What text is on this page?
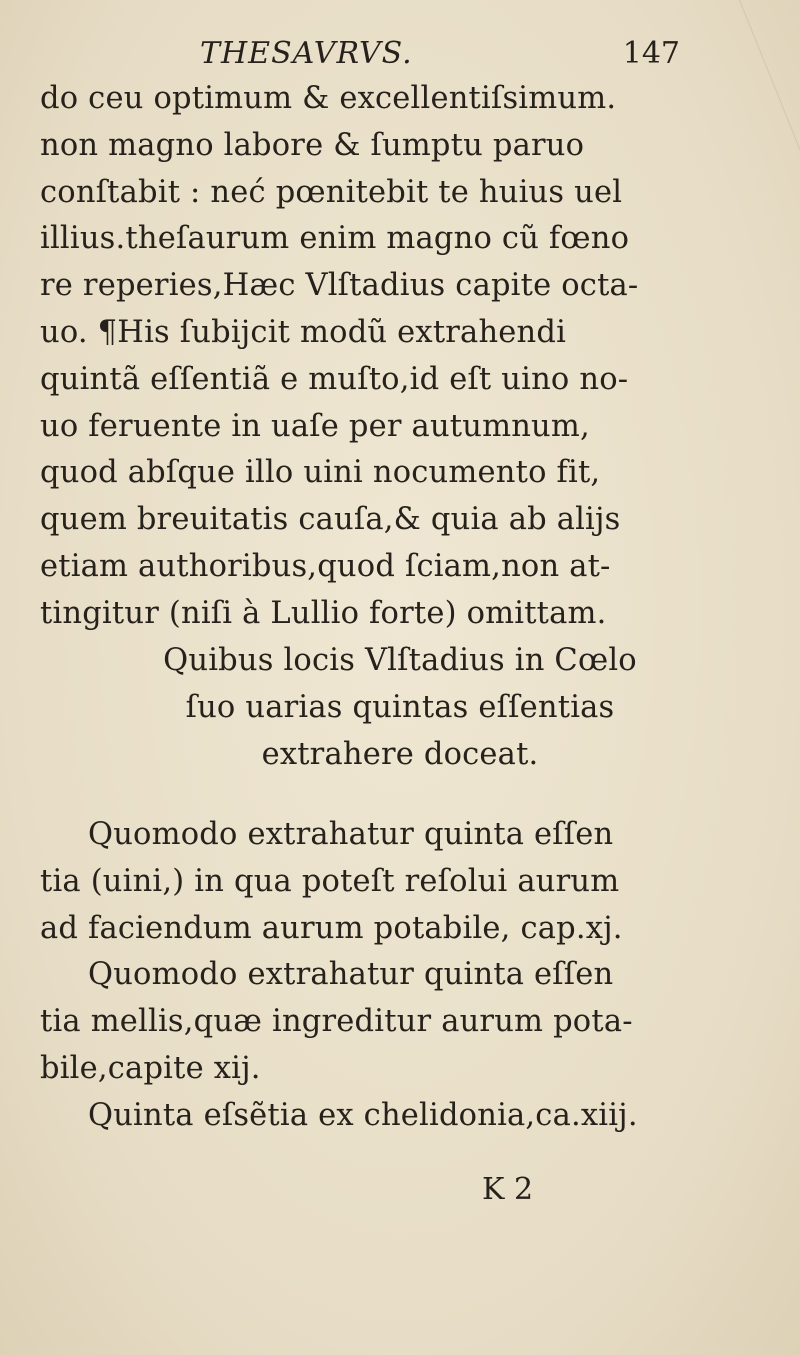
THESAVRVS.	147
do ceu optimum & excellentiſsimum.
non magno labore & ſumptu paruo
conſtabit : neć pœnitebit te huius uel
illius.theſaurum enim magno cũ fœno
re reperies,Hæc Vlſtadius capite octa-
uo. ¶His ſubijcit modũ extrahendi
quintã eſſentiã e muſto,id eſt uino no-
uo feruente in uaſe per autumnum,
quod abſque illo uini nocumento fit,
quem breuitatis cauſa,& quia ab alijs
etiam authoribus,quod ſciam,non at-
tingitur (niſi à Lullio forte) omittam.
Quibus locis Vlſtadius in Cœlo
ſuo uarias quintas eſſentias
extrahere doceat.
Quomodo extrahatur quinta eſſen
tia (uini,) in qua poteſt reſolui aurum
ad faciendum aurum potabile, cap.xj.
Quomodo extrahatur quinta eſſen
tia mellis,quæ ingreditur aurum pota-
bile,capite xij.
Quinta eſsẽtia ex chelidonia,ca.xiij.
K 2
